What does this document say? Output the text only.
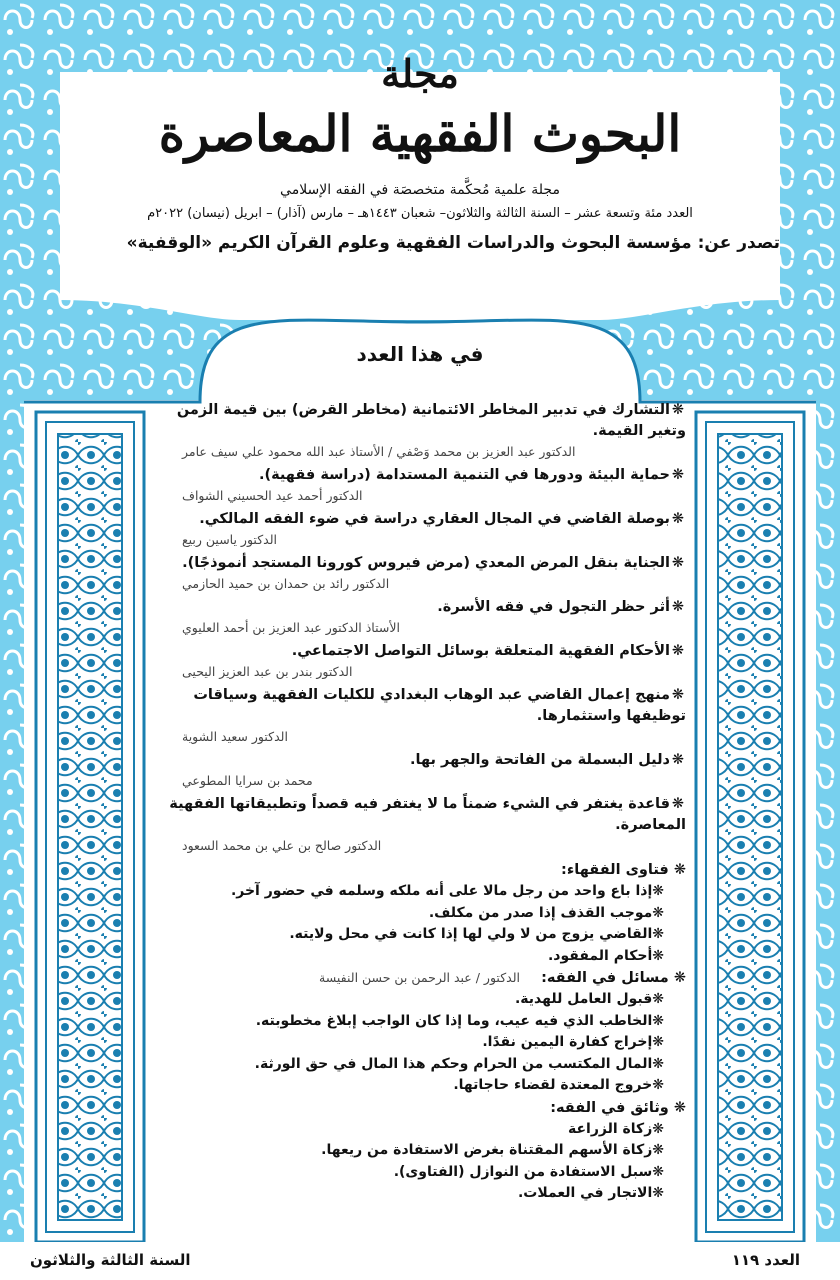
مجلة
البحوث الفقهية المعاصرة
مجلة علمية مُحكَّمة متخصصَة في الفقه الإسلامي
العدد مئة وتسعة عشر – السنة الثالثة والثلاثون– شعبان ١٤٤٣هـ – مارس (آذار) – ابريل (نيسان) ٢٠٢٢م
تصدر عن: مؤسسة البحوث والدراسات الفقهية وعلوم القرآن الكريم «الوقفية»
في هذا العدد
❋التشارك في تدبير المخاطر الائتمانية (مخاطر القرض) بين قيمة الزمن وتغير القيمة.
الدكتور عبد العزيز بن محمد وَصْفي / الأستاذ عبد الله محمود علي سيف عامر
❋حماية البيئة ودورها في التنمية المستدامة (دراسة فقهية).
الدكتور أحمد عيد الحسيني الشواف
❋بوصلة القاضي في المجال العقاري دراسة في ضوء الفقه المالكي.
الدكتور ياسين ربيع
❋الجناية بنقل المرض المعدي (مرض فيروس كورونا المستجد أنموذجًا).
الدكتور رائد بن حمدان بن حميد الحازمي
❋أثر حظر التجول في فقه الأسرة.
الأستاذ الدكتور عبد العزيز بن أحمد العليوي
❋الأحكام الفقهية المتعلقة بوسائل التواصل الاجتماعي.
الدكتور بندر بن عبد العزيز اليحيى
❋منهج إعمال القاضي عبد الوهاب البغدادي للكليات الفقهية وسياقات توظيفها واستثمارها.
الدكتور سعيد الشوية
❋دليل البسملة من الفاتحة والجهر بها.
محمد بن سرايا المطوعي
❋قاعدة يغتفر في الشيء ضمناً ما لا يغتفر فيه قصداً وتطبيقاتها الفقهية المعاصرة.
الدكتور صالح بن علي بن محمد السعود
❋ فتاوى الفقهاء:
❋إذا باع واحد من رجل مالا على أنه ملكه وسلمه في حضور آخر.
❋موجب القذف إذا صدر من مكلف.
❋القاضي يزوج من لا ولي لها إذا كانت في محل ولايته.
❋أحكام المفقود.
❋ مسائل في الفقه: الدكتور / عبد الرحمن بن حسن النفيسة
❋قبول العامل للهدية.
❋الخاطب الذي فيه عيب، وما إذا كان الواجب إبلاغ مخطوبته.
❋إخراج كفارة اليمين نقدًا.
❋المال المكتسب من الحرام وحكم هذا المال في حق الورثة.
❋خروج المعتدة لقضاء حاجاتها.
❋ وثائق في الفقه:
❋زكاة الزراعة
❋زكاة الأسهم المقتناة بغرض الاستفادة من ريعها.
❋سبل الاستفادة من النوازل (الفتاوى).
❋الاتجار في العملات.
العدد ١١٩
السنة الثالثة والثلاثون
